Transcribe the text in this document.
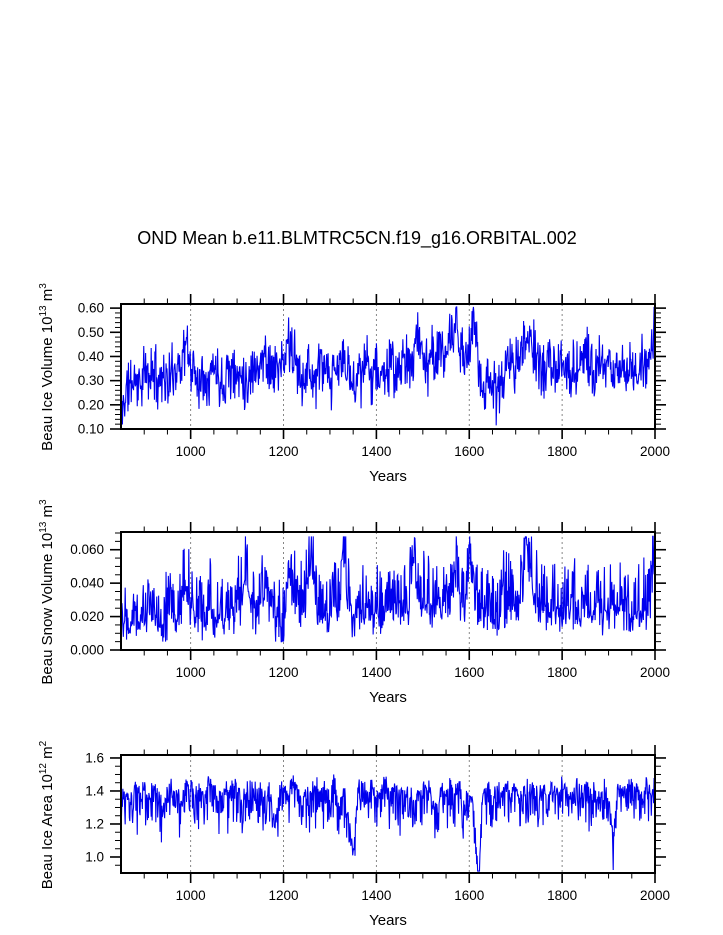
OND Mean b.e11.BLMTRC5CN.f19_g16.ORBITAL.002
Beau Ice Volume $10^{13}$ $m^3$
Beau Snow Volume $10^{13}$ $m^3$
Beau Ice Area $10^{12}$ $m^2$
1000	1200	1400	1600	1800	2000
0.10
0.20
0.30
0.40
0.50
0.60
Years
1000	1200	1400	1600	1800	2000
0.000
0.020
0.040
0.060
Years
1000	1200	1400	1600	1800	2000
1.0
1.2
1.4
1.6
Years
